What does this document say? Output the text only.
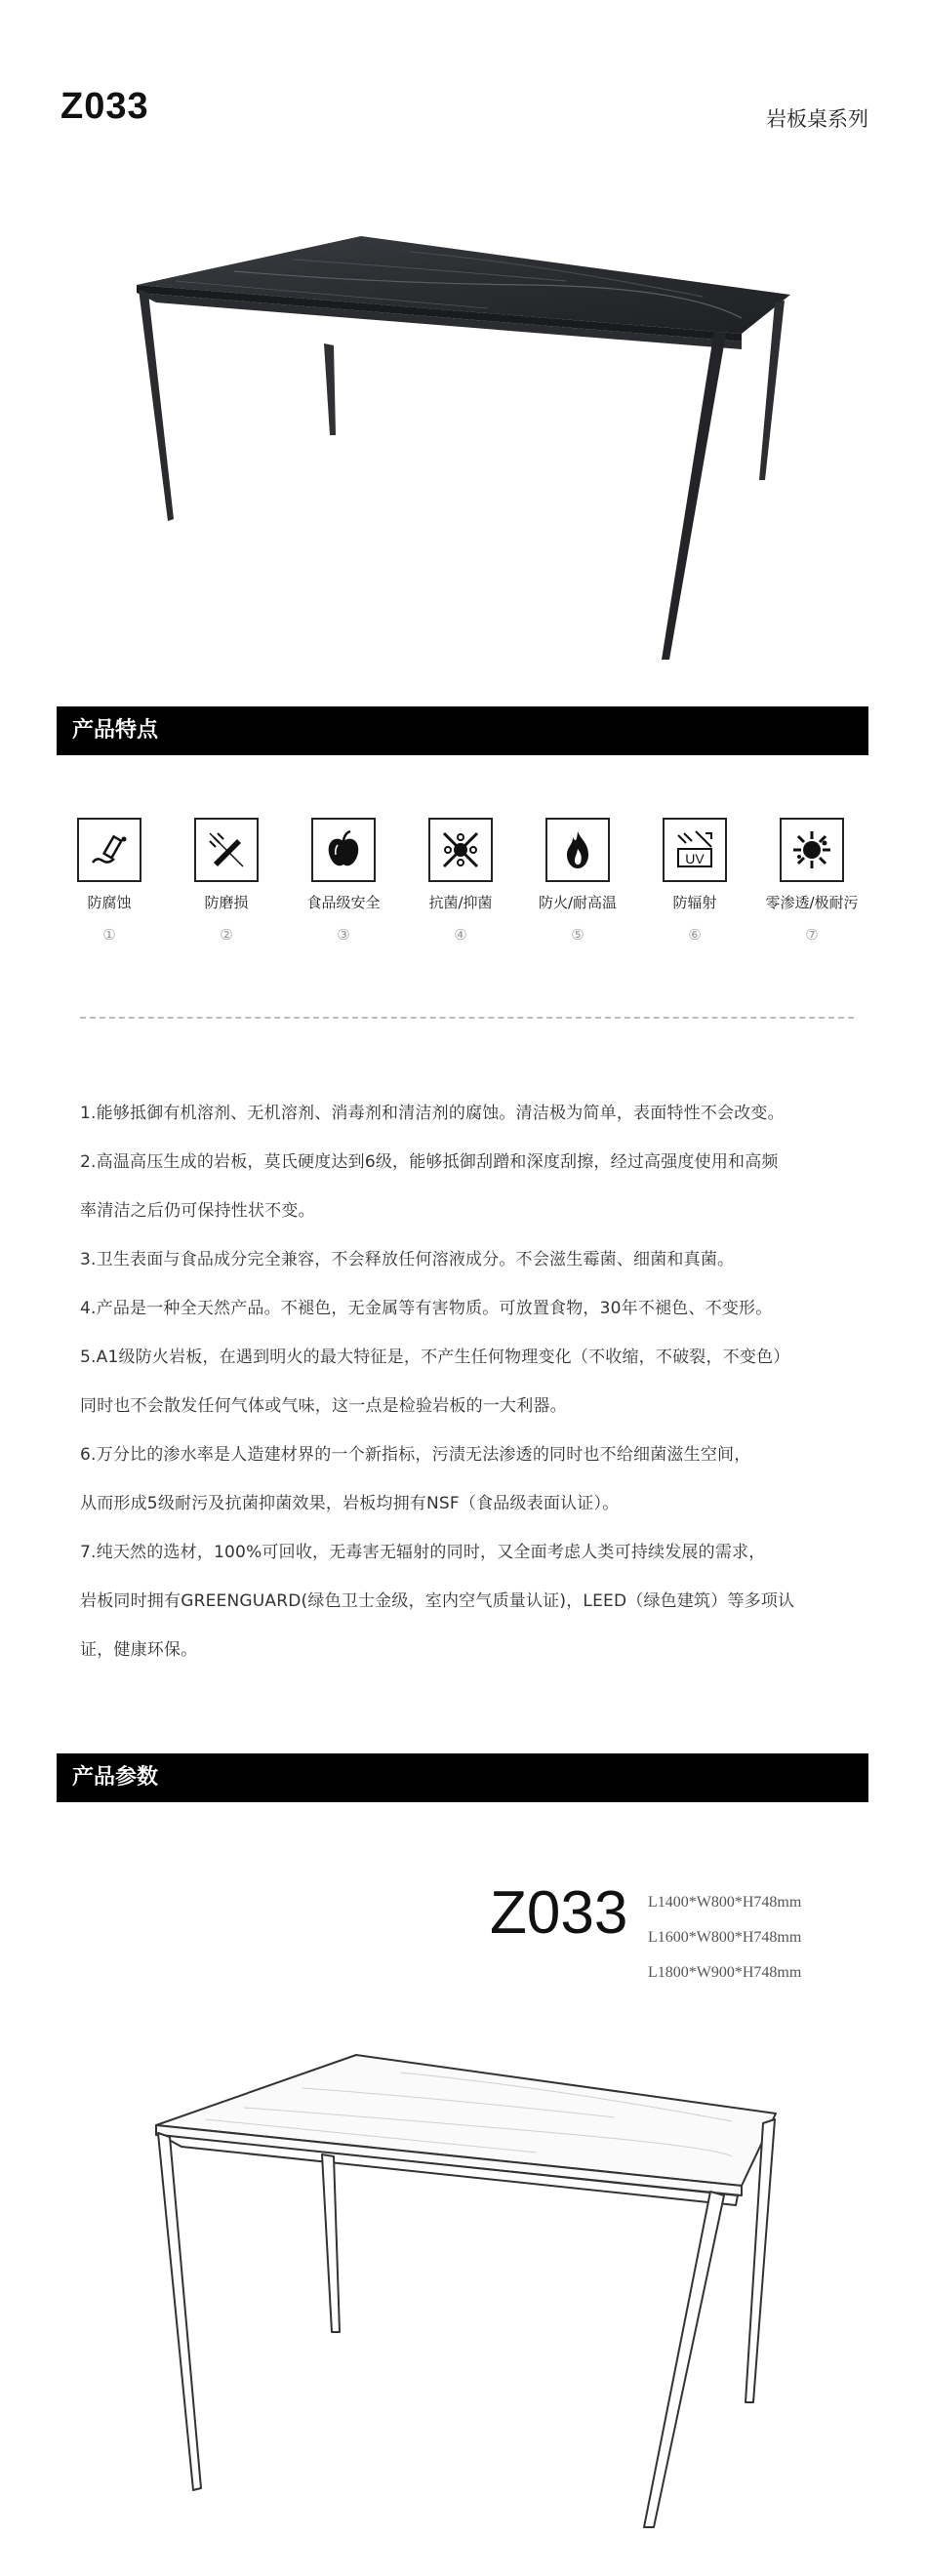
Z033	岩板桌系列
产品特点
防腐蚀
①
防磨损
②
食品级安全
③
抗菌/抑菌
④
防火/耐高温
⑤
UV
防辐射
⑥
零渗透/极耐污
⑦

1.能够抵御有机溶剂、无机溶剂、消毒剂和清洁剂的腐蚀。清洁极为简单，表面特性不会改变。

2.高温高压生成的岩板，莫氏硬度达到6级，能够抵御刮蹭和深度刮擦，经过高强度使用和高频

率清洁之后仍可保持性状不变。

3.卫生表面与食品成分完全兼容，不会释放任何溶液成分。不会滋生霉菌、细菌和真菌。

4.产品是一种全天然产品。不褪色，无金属等有害物质。可放置食物，30年不褪色、不变形。

5.A1级防火岩板，在遇到明火的最大特征是，不产生任何物理变化（不收缩，不破裂，不变色）

同时也不会散发任何气体或气味，这一点是检验岩板的一大利器。

6.万分比的渗水率是人造建材界的一个新指标，污渍无法渗透的同时也不给细菌滋生空间，

从而形成5级耐污及抗菌抑菌效果，岩板均拥有NSF（食品级表面认证）。

7.纯天然的选材，100%可回收，无毒害无辐射的同时，又全面考虑人类可持续发展的需求，

岩板同时拥有GREENGUARD(绿色卫士金级，室内空气质量认证)，LEED（绿色建筑）等多项认

证，健康环保。

产品参数
Z033 L1400*W800*H748mm
L1600*W800*H748mm
L1800*W900*H748mm
